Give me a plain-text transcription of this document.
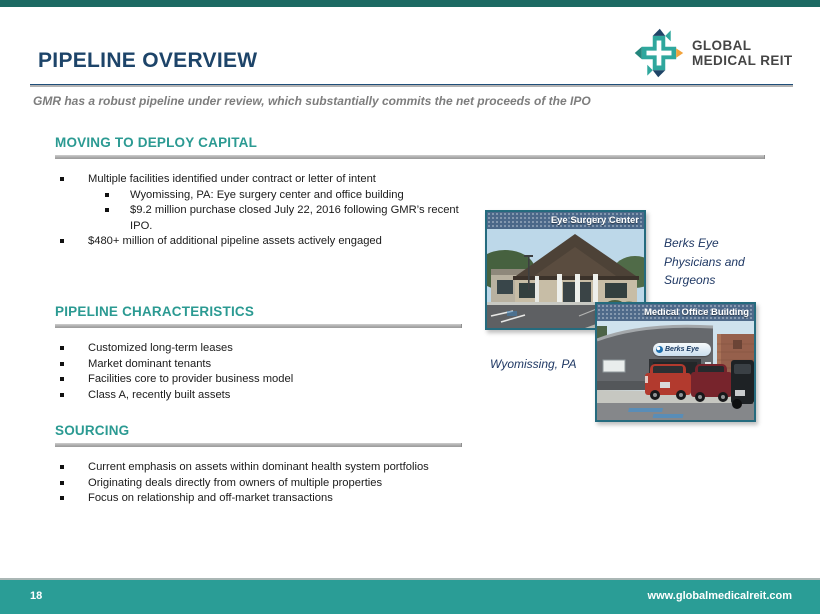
PIPELINE OVERVIEW
GLOBAL
MEDICAL REIT
GMR has a robust pipeline under review, which substantially commits the net proceeds of the IPO
MOVING TO DEPLOY CAPITAL
Multiple facilities identified under contract or letter of intent
Wyomissing, PA: Eye surgery center and office building
$9.2 million purchase closed July 22, 2016 following GMR’s recent IPO.
$480+ million of additional pipeline assets actively engaged
PIPELINE CHARACTERISTICS
Customized long-term leases
Market dominant tenants
Facilities core to provider business model
Class A, recently built assets
SOURCING
Current emphasis on assets within dominant health system portfolios
Originating deals directly from owners of multiple properties
Focus on relationship and off-market transactions
Eye Surgery Center
Medical Office Building
Berks Eye
Berks Eye Physicians and Surgeons
Wyomissing, PA
18	www.globalmedicalreit.com
